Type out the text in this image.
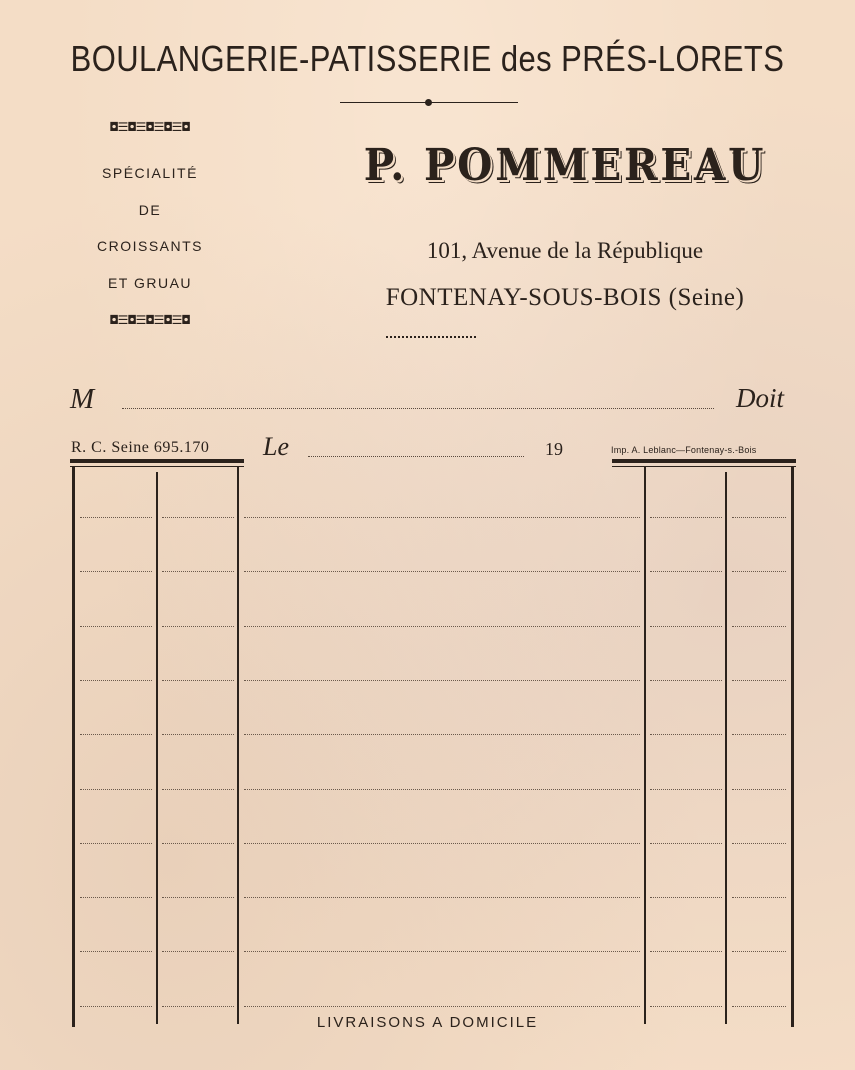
BOULANGERIE-PATISSERIE des PRÉS-LORETS
◘☰◘☰◘☰◘☰◘
SPÉCIALITÉ
DE
CROISSANTS
ET GRUAU
◘☰◘☰◘☰◘☰◘
P. POMMEREAU
101, Avenue de la République
FONTENAY-SOUS-BOIS (Seine)
M	Doit
R. C. Seine 695.170 Le	19	Imp. A. Leblanc—Fontenay-s.-Bois
LIVRAISONS A DOMICILE
